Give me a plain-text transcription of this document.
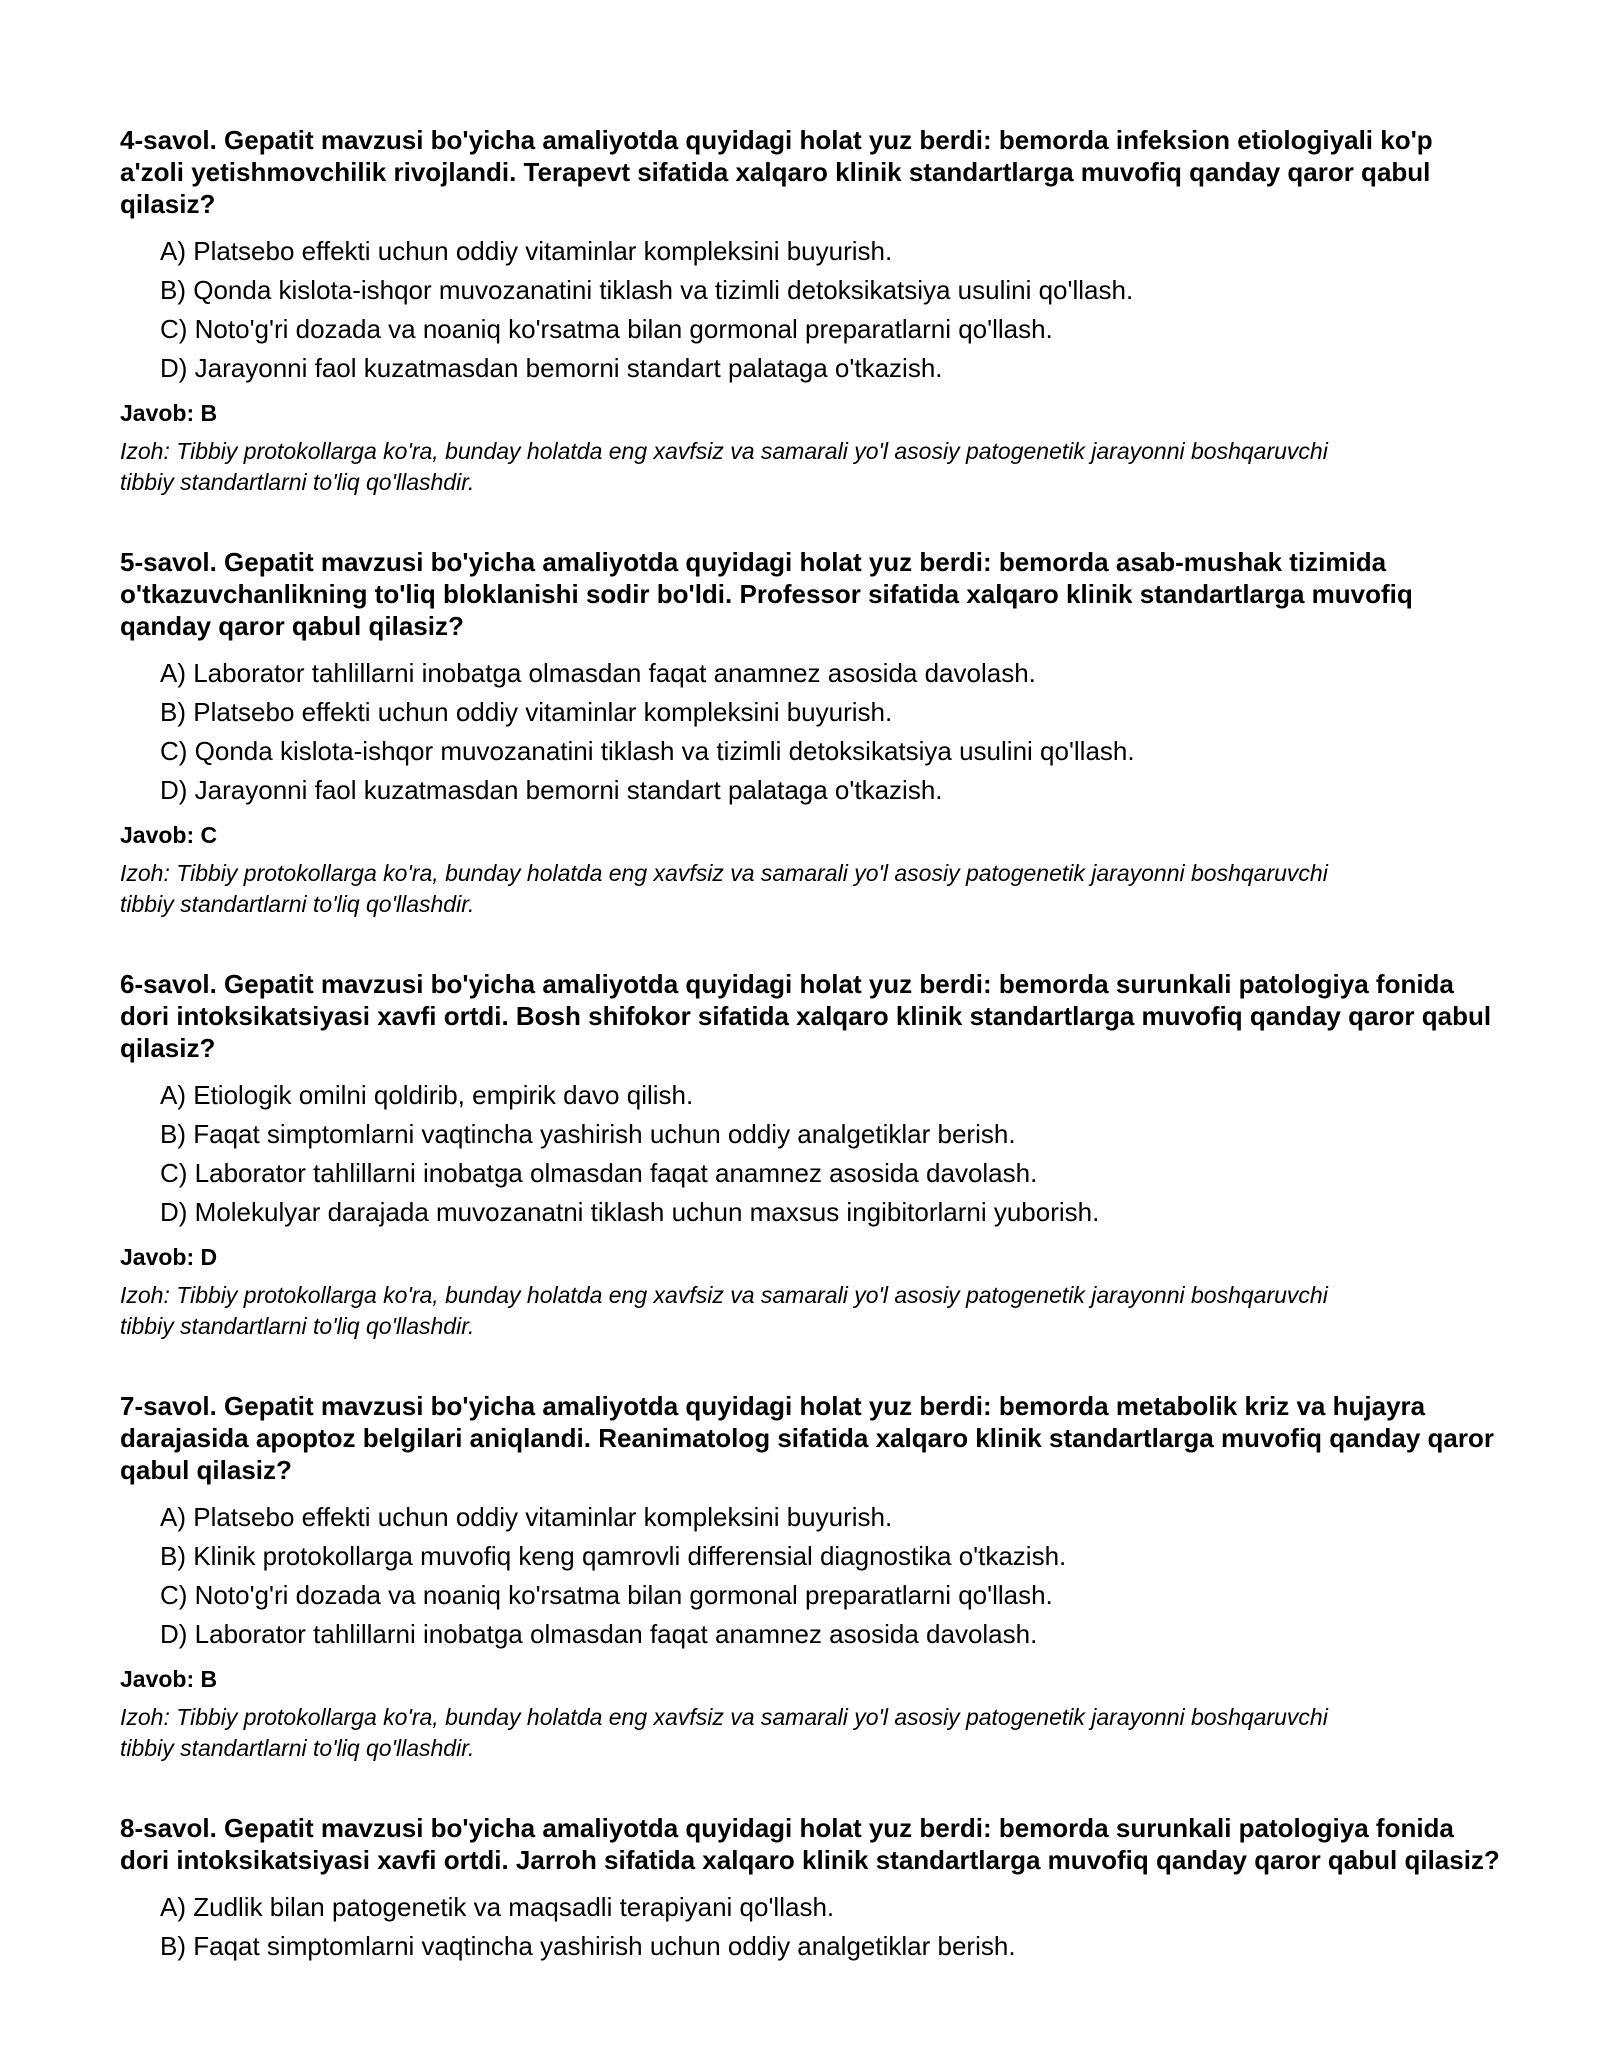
4-savol. Gepatit mavzusi bo'yicha amaliyotda quyidagi holat yuz berdi: bemorda infeksion etiologiyali ko'p a'zoli yetishmovchilik rivojlandi. Terapevt sifatida xalqaro klinik standartlarga muvofiq qanday qaror qabul qilasiz?

A) Platsebo effekti uchun oddiy vitaminlar kompleksini buyurish.

B) Qonda kislota-ishqor muvozanatini tiklash va tizimli detoksikatsiya usulini qo'llash.

C) Noto'g'ri dozada va noaniq ko'rsatma bilan gormonal preparatlarni qo'llash.

D) Jarayonni faol kuzatmasdan bemorni standart palataga o'tkazish.

Javob: B

Izoh: Tibbiy protokollarga ko'ra, bunday holatda eng xavfsiz va samarali yo'l asosiy patogenetik jarayonni boshqaruvchi tibbiy standartlarni to'liq qo'llashdir.

5-savol. Gepatit mavzusi bo'yicha amaliyotda quyidagi holat yuz berdi: bemorda asab-mushak tizimida o'tkazuvchanlikning to'liq bloklanishi sodir bo'ldi. Professor sifatida xalqaro klinik standartlarga muvofiq qanday qaror qabul qilasiz?

A) Laborator tahlillarni inobatga olmasdan faqat anamnez asosida davolash.

B) Platsebo effekti uchun oddiy vitaminlar kompleksini buyurish.

C) Qonda kislota-ishqor muvozanatini tiklash va tizimli detoksikatsiya usulini qo'llash.

D) Jarayonni faol kuzatmasdan bemorni standart palataga o'tkazish.

Javob: C

Izoh: Tibbiy protokollarga ko'ra, bunday holatda eng xavfsiz va samarali yo'l asosiy patogenetik jarayonni boshqaruvchi tibbiy standartlarni to'liq qo'llashdir.

6-savol. Gepatit mavzusi bo'yicha amaliyotda quyidagi holat yuz berdi: bemorda surunkali patologiya fonida dori intoksikatsiyasi xavfi ortdi. Bosh shifokor sifatida xalqaro klinik standartlarga muvofiq qanday qaror qabul qilasiz?

A) Etiologik omilni qoldirib, empirik davo qilish.

B) Faqat simptomlarni vaqtincha yashirish uchun oddiy analgetiklar berish.

C) Laborator tahlillarni inobatga olmasdan faqat anamnez asosida davolash.

D) Molekulyar darajada muvozanatni tiklash uchun maxsus ingibitorlarni yuborish.

Javob: D

Izoh: Tibbiy protokollarga ko'ra, bunday holatda eng xavfsiz va samarali yo'l asosiy patogenetik jarayonni boshqaruvchi tibbiy standartlarni to'liq qo'llashdir.

7-savol. Gepatit mavzusi bo'yicha amaliyotda quyidagi holat yuz berdi: bemorda metabolik kriz va hujayra darajasida apoptoz belgilari aniqlandi. Reanimatolog sifatida xalqaro klinik standartlarga muvofiq qanday qaror qabul qilasiz?

A) Platsebo effekti uchun oddiy vitaminlar kompleksini buyurish.

B) Klinik protokollarga muvofiq keng qamrovli differensial diagnostika o'tkazish.

C) Noto'g'ri dozada va noaniq ko'rsatma bilan gormonal preparatlarni qo'llash.

D) Laborator tahlillarni inobatga olmasdan faqat anamnez asosida davolash.

Javob: B

Izoh: Tibbiy protokollarga ko'ra, bunday holatda eng xavfsiz va samarali yo'l asosiy patogenetik jarayonni boshqaruvchi tibbiy standartlarni to'liq qo'llashdir.

8-savol. Gepatit mavzusi bo'yicha amaliyotda quyidagi holat yuz berdi: bemorda surunkali patologiya fonida dori intoksikatsiyasi xavfi ortdi. Jarroh sifatida xalqaro klinik standartlarga muvofiq qanday qaror qabul qilasiz?

A) Zudlik bilan patogenetik va maqsadli terapiyani qo'llash.

B) Faqat simptomlarni vaqtincha yashirish uchun oddiy analgetiklar berish.
